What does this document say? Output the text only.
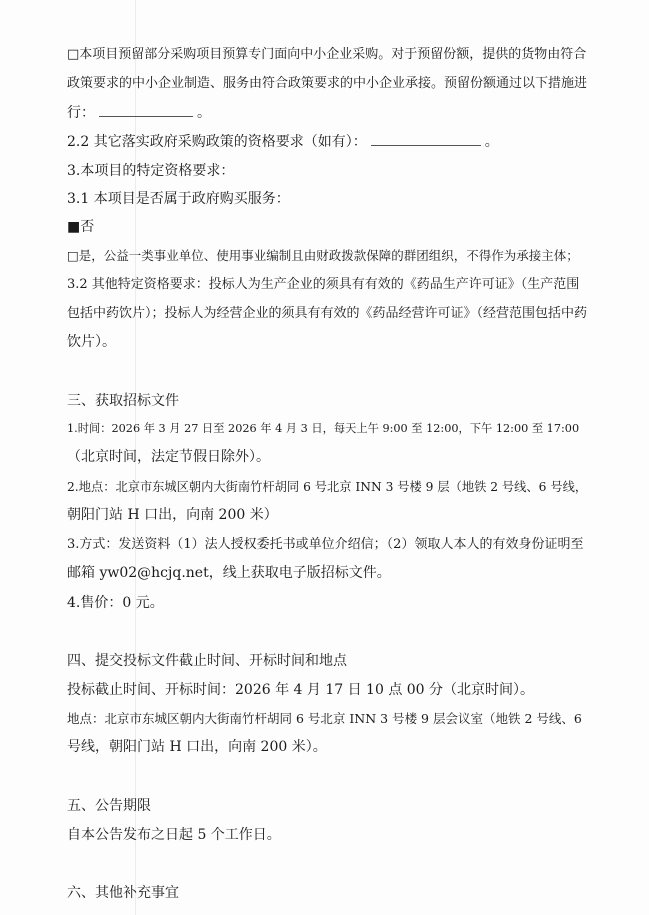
□本项目预留部分采购项目预算专门面向中小企业采购。对于预留份额，提供的货物由符合
政策要求的中小企业制造、服务由符合政策要求的中小企业承接。预留份额通过以下措施进
行：	。
2.2 其它落实政府采购政策的资格要求（如有）：	。
3.本项目的特定资格要求：
3.1 本项目是否属于政府购买服务：
■否
□是，公益一类事业单位、使用事业编制且由财政拨款保障的群团组织，不得作为承接主体；
3.2 其他特定资格要求：投标人为生产企业的须具有有效的《药品生产许可证》（生产范围
包括中药饮片）；投标人为经营企业的须具有有效的《药品经营许可证》（经营范围包括中药
饮片）。
三、获取招标文件
1.时间：2026 年 3 月 27 日至 2026 年 4 月 3 日，每天上午 9:00 至 12:00，下午 12:00 至 17:00
（北京时间，法定节假日除外）。
2.地点：北京市东城区朝内大街南竹杆胡同 6 号北京 INN 3 号楼 9 层（地铁 2 号线、6 号线，
朝阳门站 H 口出，向南 200 米）
3.方式：发送资料（1）法人授权委托书或单位介绍信；（2）领取人本人的有效身份证明至
邮箱 yw02@hcjq.net，线上获取电子版招标文件。
4.售价：0 元。
四、提交投标文件截止时间、开标时间和地点
投标截止时间、开标时间：2026 年 4 月 17 日 10 点 00 分（北京时间）。
地点：北京市东城区朝内大街南竹杆胡同 6 号北京 INN 3 号楼 9 层会议室（地铁 2 号线、6
号线，朝阳门站 H 口出，向南 200 米）。
五、公告期限
自本公告发布之日起 5 个工作日。
六、其他补充事宜
